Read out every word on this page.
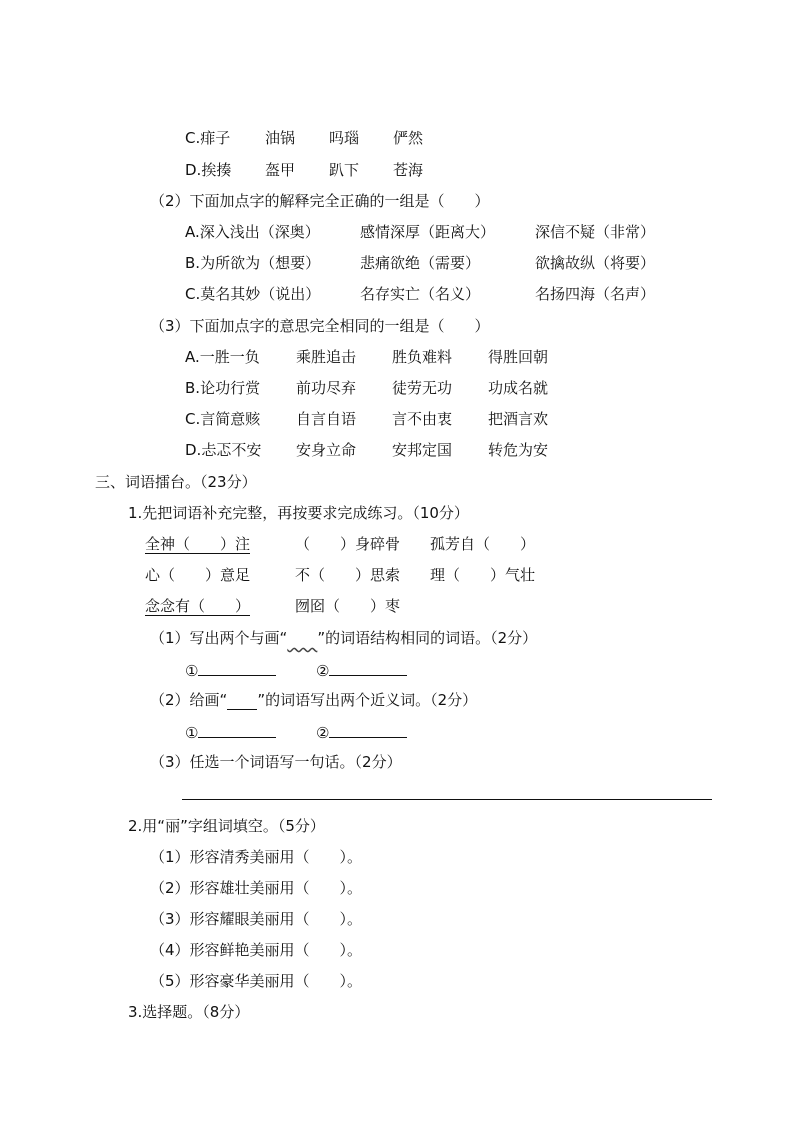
C.痱子 油锅 吗瑙 俨然
D.挨揍 盔甲 趴下 苍海
（2）下面加点字的解释完全正确的一组是（　　）
A.深入浅出（深奥）	感情深厚（距离大）	深信不疑（非常）
B.为所欲为（想要）	悲痛欲绝（需要）	欲擒故纵（将要）
C.莫名其妙（说出）	名存实亡（名义）	名扬四海（名声）
（3）下面加点字的意思完全相同的一组是（　　）
A.一胜一负 乘胜追击 胜负难料 得胜回朝
B.论功行赏 前功尽弃 徒劳无功 功成名就
C.言简意赅 自言自语 言不由衷 把酒言欢
D.忐忑不安 安身立命 安邦定国 转危为安
三、词语擂台。（23分）
1.先把词语补充完整，再按要求完成练习。（10分）
全神（　　）注	（　　）身碎骨 孤芳自（　　）
心（　　）意足	不（　　）思索 理（　　）气壮
念念有（　　）	囫囵（　　）枣
（1）写出两个与画“　　 ”的词语结构相同的词语。（2分）
①	②
（2）给画“　　 ”的词语写出两个近义词。（2分）
①	②
（3）任选一个词语写一句话。（2分）
2.用“丽”字组词填空。（5分）
（1）形容清秀美丽用（　　）。
（2）形容雄壮美丽用（　　）。
（3）形容耀眼美丽用（　　）。
（4）形容鲜艳美丽用（　　）。
（5）形容豪华美丽用（　　）。
3.选择题。（8分）
